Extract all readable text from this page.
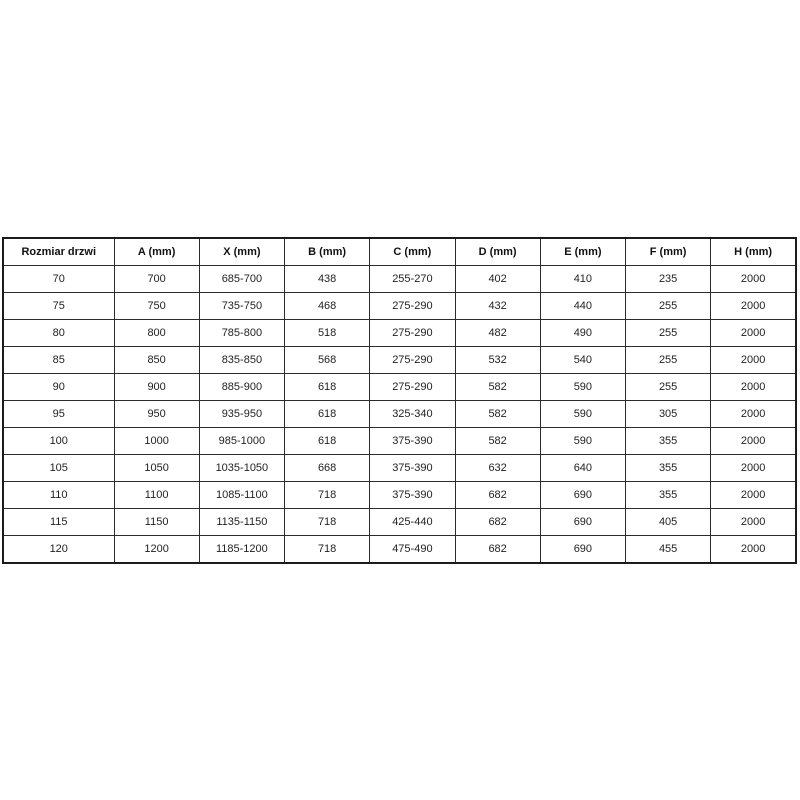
Rozmiar drzwi	A (mm)	X (mm)	B (mm)	C (mm)	D (mm)	E (mm)	F (mm)	H (mm)
70	700	685-700	438	255-270	402	410	235	2000
75	750	735-750	468	275-290	432	440	255	2000
80	800	785-800	518	275-290	482	490	255	2000
85	850	835-850	568	275-290	532	540	255	2000
90	900	885-900	618	275-290	582	590	255	2000
95	950	935-950	618	325-340	582	590	305	2000
100	1000	985-1000	618	375-390	582	590	355	2000
105	1050	1035-1050	668	375-390	632	640	355	2000
110	1100	1085-1100	718	375-390	682	690	355	2000
115	1150	1135-1150	718	425-440	682	690	405	2000
120	1200	1185-1200	718	475-490	682	690	455	2000
